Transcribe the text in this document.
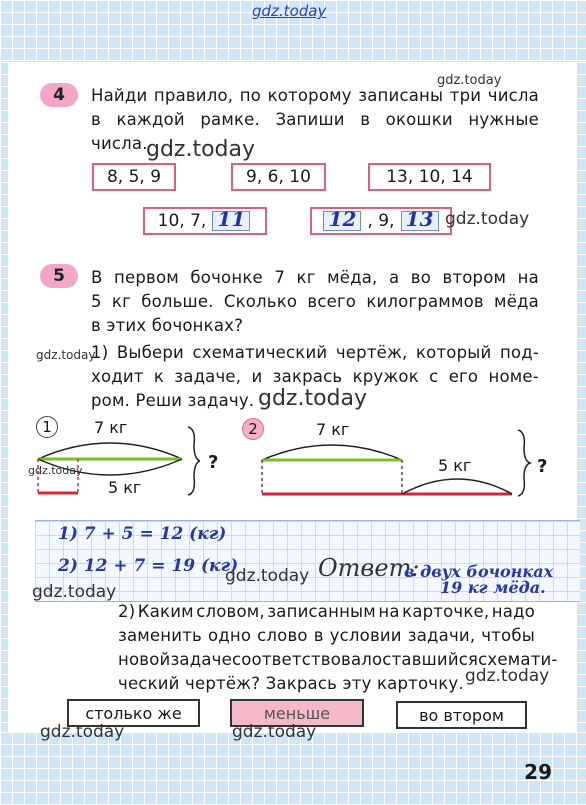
gdz.today
4	Найди правило, по которому записаны три числа
в каждой рамке. Запиши в окошки нужные
числа.
gdz.today
gdz.today
8, 5, 9	9, 6, 10	13, 10, 14
10, 7, 11	12 , 9, 13 gdz.today
5	В первом бочонке 7 кг мёда, а во втором на
5 кг больше. Сколько всего килограммов мёда
в этих бочонках?
gdz.today
1) Выбери схематический чертёж, который под-
ходит к задаче, и закрась кружок с его номе-
ром. Реши задачу. gdz.today
1	7 кг
5 кг
?
gdz.today
2	7 кг
5 кг	?
1) 7 + 5 = 12 (кг)
2) 12 + 7 = 19 (кг)
gdz.today Ответ:
в двух бочонках
19 кг мёда.
gdz.today
2) Каким словом, записанным на карточке, надо
заменить одно слово в условии задачи, чтобы
новой задаче соответствовал оставшийся схемати-
ческий чертёж? Закрась эту карточку. gdz.today
столько же	меньше	во втором
gdz.today	gdz.today
29
